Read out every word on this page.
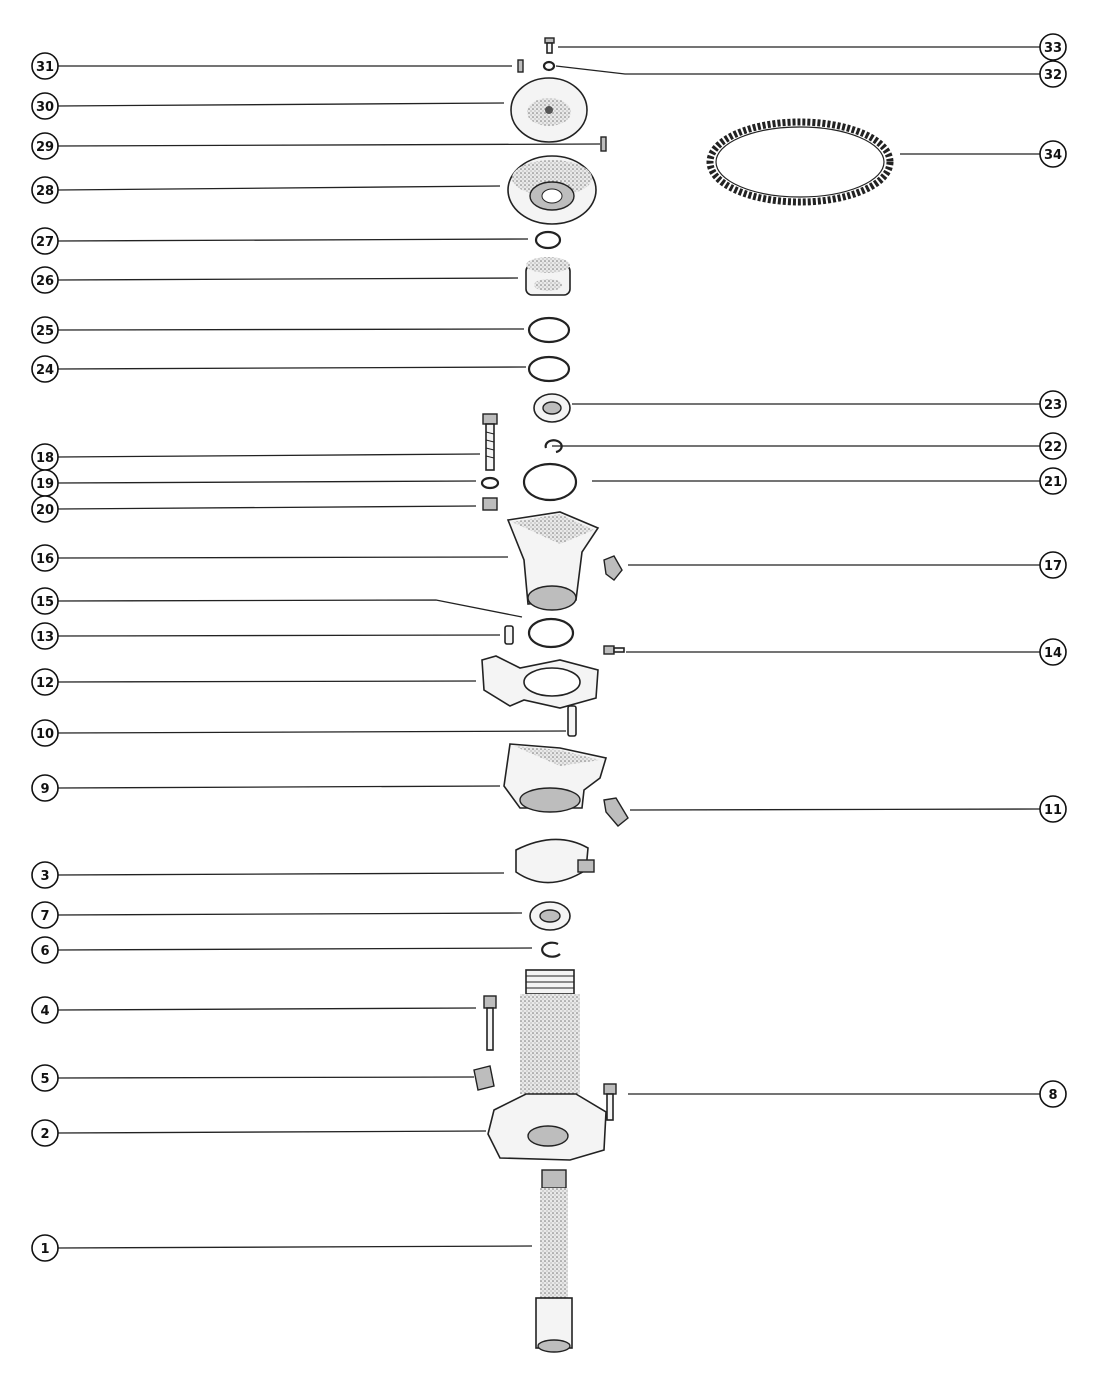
33
32
31
30
29
28
34
27
26
25
24
23
22
18
19	21
20
16	17
15
13
14
12
10
9
11
3
7
6
4
5
8
2
1
